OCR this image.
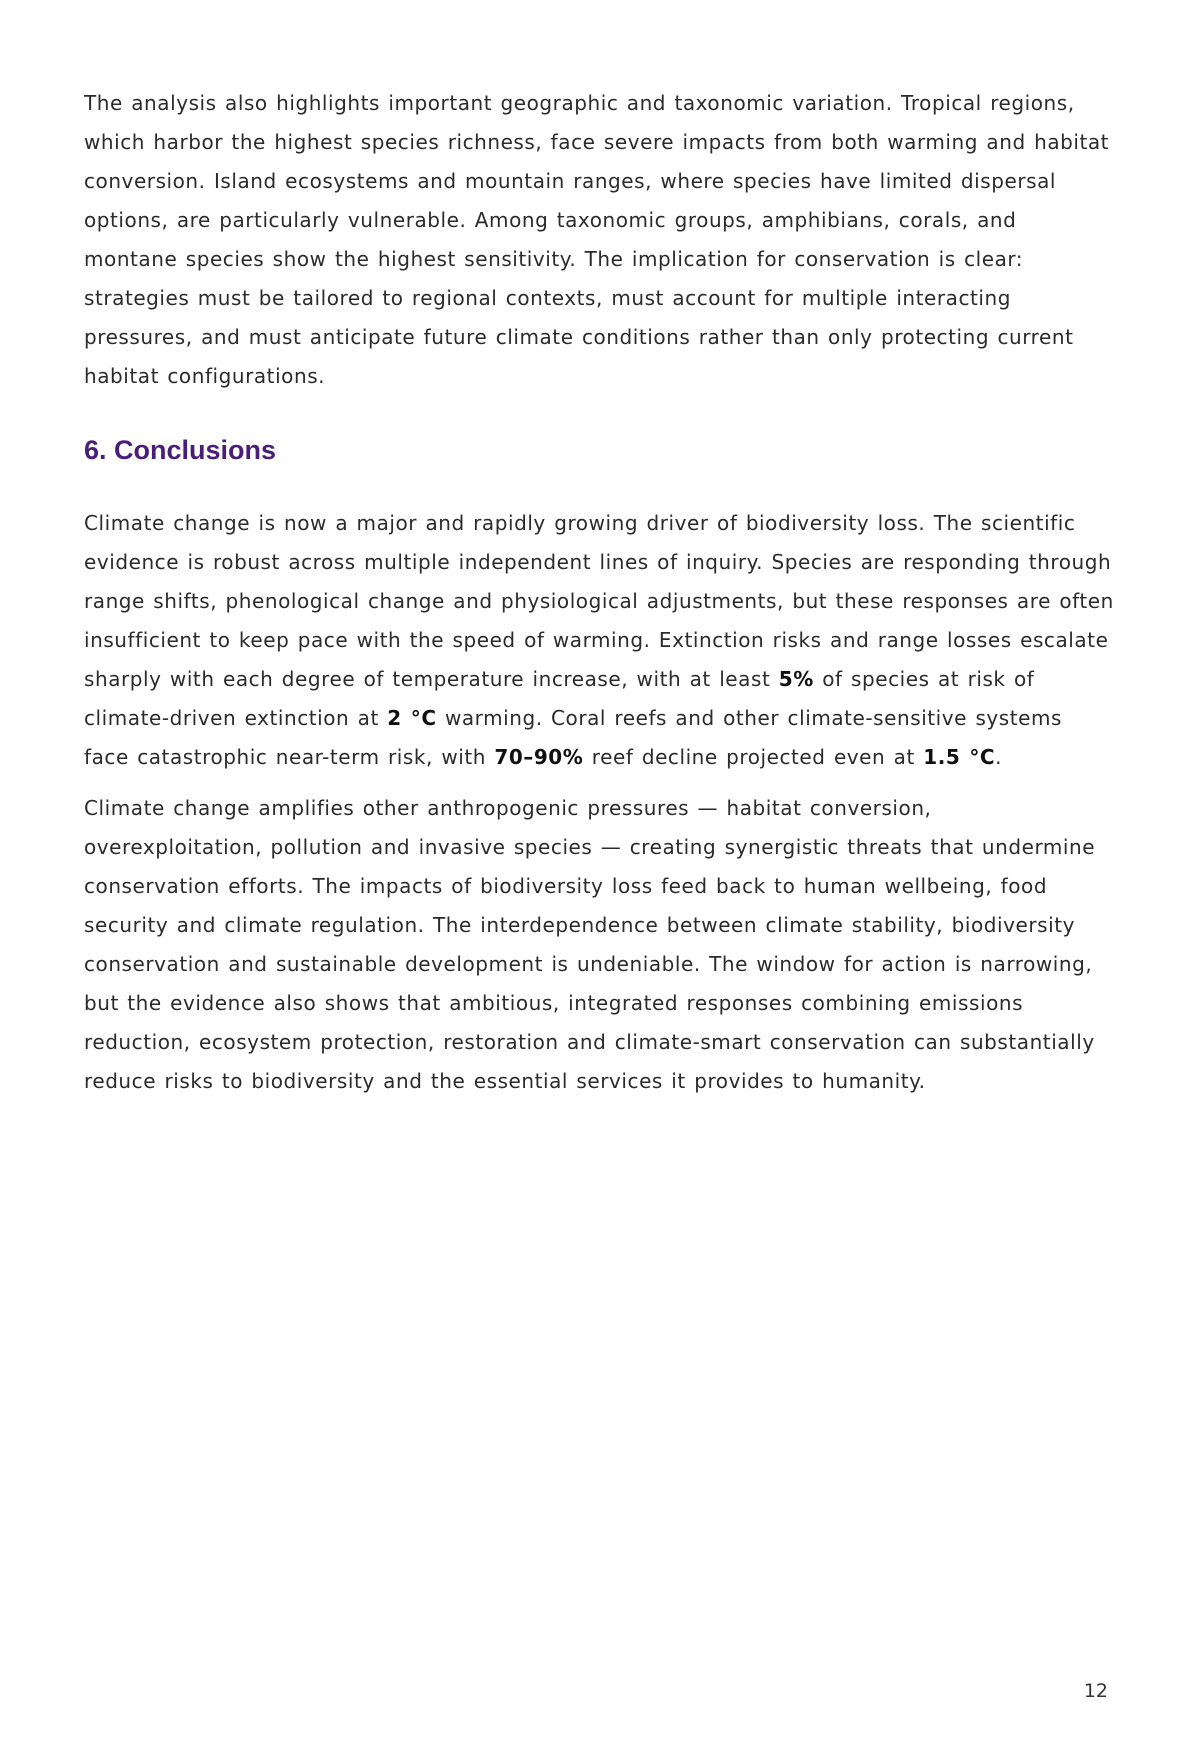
The analysis also highlights important geographic and taxonomic variation. Tropical regions, which harbor the highest species richness, face severe impacts from both warming and habitat conversion. Island ecosystems and mountain ranges, where species have limited dispersal options, are particularly vulnerable. Among taxonomic groups, amphibians, corals, and montane species show the highest sensitivity. The implication for conservation is clear: strategies must be tailored to regional contexts, must account for multiple interacting pressures, and must anticipate future climate conditions rather than only protecting current habitat configurations.

6. Conclusions

Climate change is now a major and rapidly growing driver of biodiversity loss. The scientific evidence is robust across multiple independent lines of inquiry. Species are responding through range shifts, phenological change and physiological adjustments, but these responses are often insufficient to keep pace with the speed of warming. Extinction risks and range losses escalate sharply with each degree of temperature increase, with at least 5% of species at risk of climate-driven extinction at 2 °C warming. Coral reefs and other climate-sensitive systems face catastrophic near-term risk, with 70–90% reef decline projected even at 1.5 °C.

Climate change amplifies other anthropogenic pressures — habitat conversion, overexploitation, pollution and invasive species — creating synergistic threats that undermine conservation efforts. The impacts of biodiversity loss feed back to human wellbeing, food security and climate regulation. The interdependence between climate stability, biodiversity conservation and sustainable development is undeniable. The window for action is narrowing, but the evidence also shows that ambitious, integrated responses combining emissions reduction, ecosystem protection, restoration and climate-smart conservation can substantially reduce risks to biodiversity and the essential services it provides to humanity.

12
